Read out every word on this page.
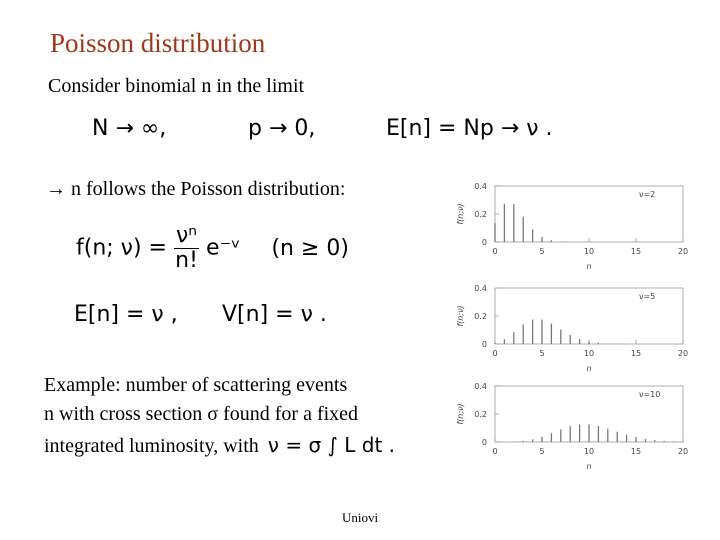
Poisson distribution
Consider binomial n in the limit
N → ∞,	p → 0,	E[n] = Np → ν .
→ n follows the Poisson distribution:
f(n; $\nu) = \frac{\text{νⁿ}}{n!}$ e⁻ᵛ (n ≥ 0)
E[n] = ν , V[n] = ν .
Example: number of scattering events
n with cross section σ found for a fixed
integrated luminosity, with ν = σ ∫ L dt .
0
0.2
0.4
0	5	10	15	20
ν=2
f(n;ν)
n
0
0.2
0.4
0	5	10	15	20
ν=5
f(n;ν)
n
0
0.2
0.4
0	5	10	15	20
ν=10
f(n;ν)
n
Uniovi
